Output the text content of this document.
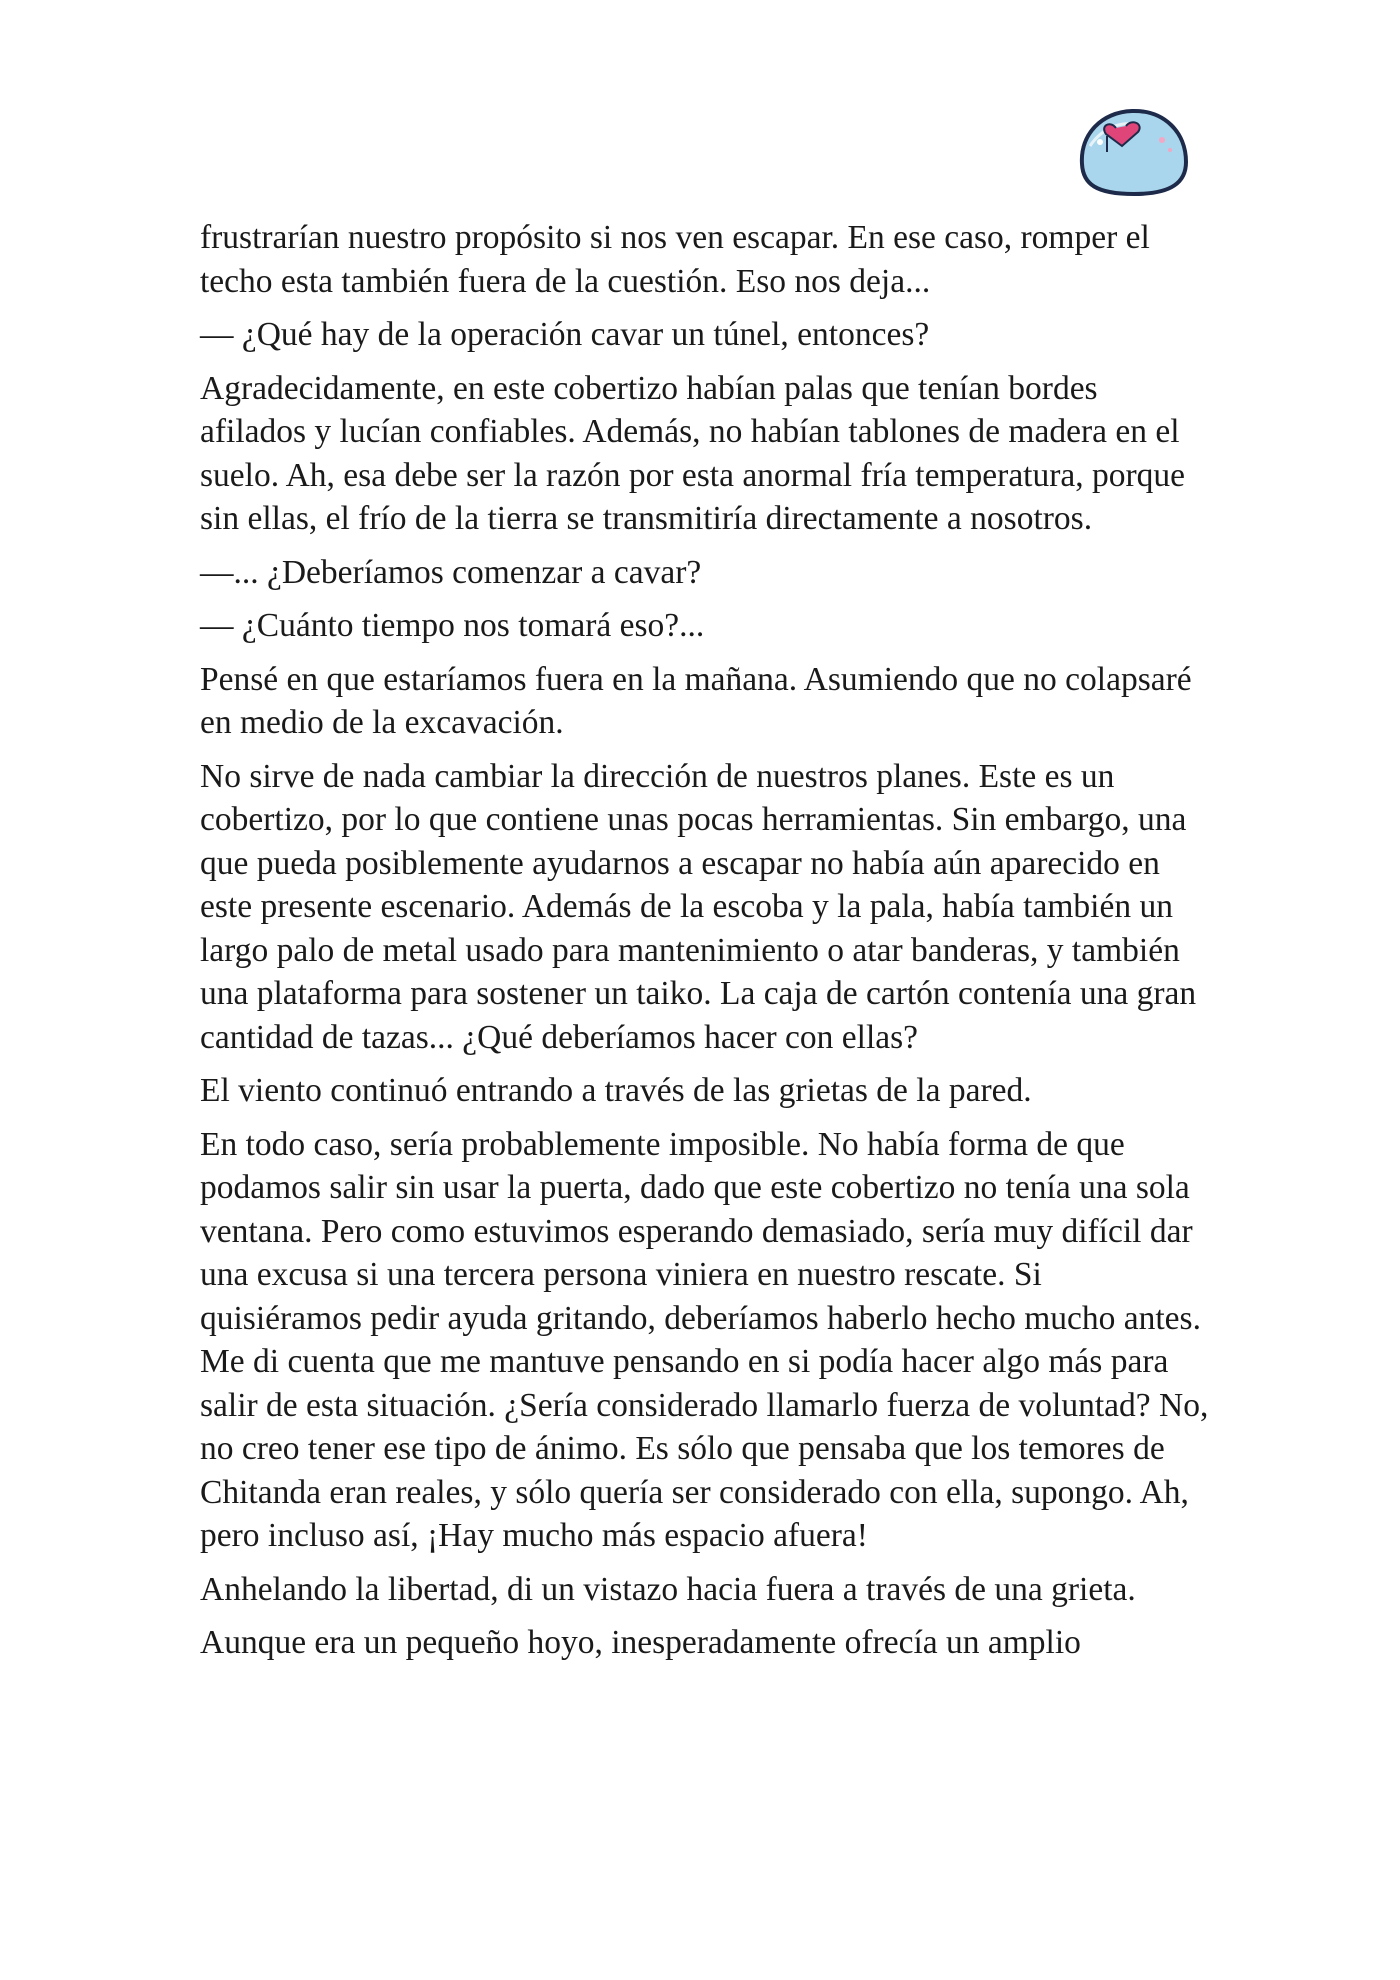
frustrarían nuestro propósito si nos ven escapar. En ese caso, romper el techo esta también fuera de la cuestión. Eso nos deja...

— ¿Qué hay de la operación cavar un túnel, entonces?

Agradecidamente, en este cobertizo habían palas que tenían bordes afilados y lucían confiables. Además, no habían tablones de madera en el suelo. Ah, esa debe ser la razón por esta anormal fría temperatura, porque sin ellas, el frío de la tierra se transmitiría directamente a nosotros.

—... ¿Deberíamos comenzar a cavar?

— ¿Cuánto tiempo nos tomará eso?...

Pensé en que estaríamos fuera en la mañana. Asumiendo que no colapsaré en medio de la excavación.

No sirve de nada cambiar la dirección de nuestros planes. Este es un cobertizo, por lo que contiene unas pocas herramientas. Sin embargo, una que pueda posiblemente ayudarnos a escapar no había aún aparecido en este presente escenario. Además de la escoba y la pala, había también un largo palo de metal usado para mantenimiento o atar banderas, y también una plataforma para sostener un taiko. La caja de cartón contenía una gran cantidad de tazas... ¿Qué deberíamos hacer con ellas?

El viento continuó entrando a través de las grietas de la pared.

En todo caso, sería probablemente imposible. No había forma de que podamos salir sin usar la puerta, dado que este cobertizo no tenía una sola ventana. Pero como estuvimos esperando demasiado, sería muy difícil dar una excusa si una tercera persona viniera en nuestro rescate. Si quisiéramos pedir ayuda gritando, deberíamos haberlo hecho mucho antes. Me di cuenta que me mantuve pensando en si podía hacer algo más para salir de esta situación. ¿Sería considerado llamarlo fuerza de voluntad? No, no creo tener ese tipo de ánimo. Es sólo que pensaba que los temores de Chitanda eran reales, y sólo quería ser considerado con ella, supongo. Ah, pero incluso así, ¡Hay mucho más espacio afuera!

Anhelando la libertad, di un vistazo hacia fuera a través de una grieta.

Aunque era un pequeño hoyo, inesperadamente ofrecía un amplio
